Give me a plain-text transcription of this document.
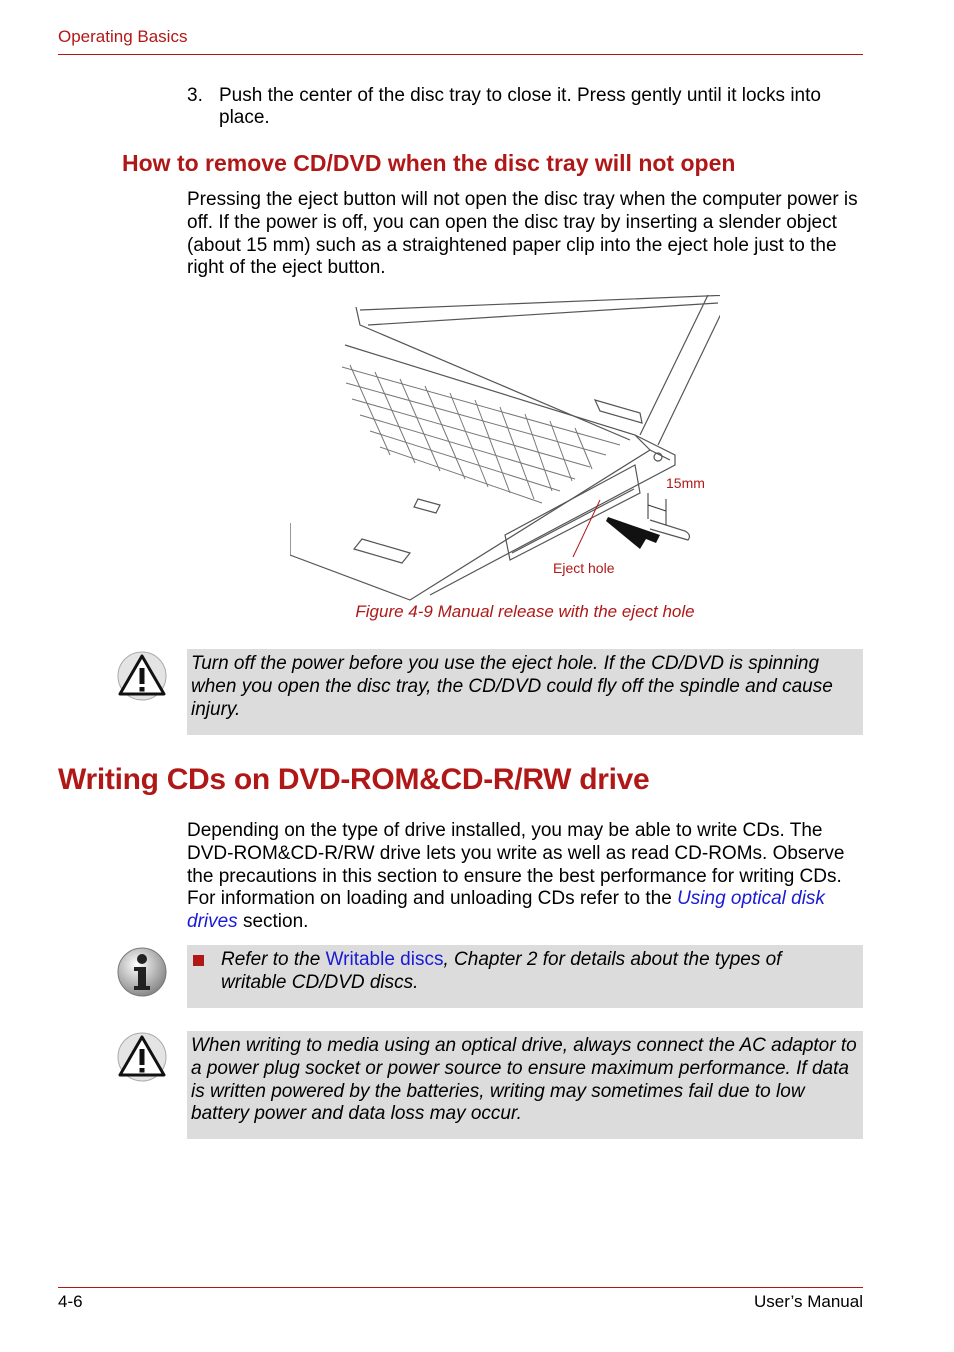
Operating Basics
3. Push the center of the disc tray to close it. Press gently until it locks into place.
How to remove CD/DVD when the disc tray will not open
Pressing the eject button will not open the disc tray when the computer power is off. If the power is off, you can open the disc tray by inserting a slender object (about 15 mm) such as a straightened paper clip into the eject hole just to the right of the eject button.
15mm
Eject hole
Figure 4-9 Manual release with the eject hole
Turn off the power before you use the eject hole. If the CD/DVD is spinning when you open the disc tray, the CD/DVD could fly off the spindle and cause injury.
Writing CDs on DVD-ROM&CD-R/RW drive
Depending on the type of drive installed, you may be able to write CDs. The DVD-ROM&CD-R/RW drive lets you write as well as read CD-ROMs. Observe the precautions in this section to ensure the best performance for writing CDs. For information on loading and unloading CDs refer to the Using optical disk drives section.
Refer to the Writable discs, Chapter 2 for details about the types of writable CD/DVD discs.
When writing to media using an optical drive, always connect the AC adaptor to a power plug socket or power source to ensure maximum performance. If data is written powered by the batteries, writing may sometimes fail due to low battery power and data loss may occur.
4-6	User’s Manual
